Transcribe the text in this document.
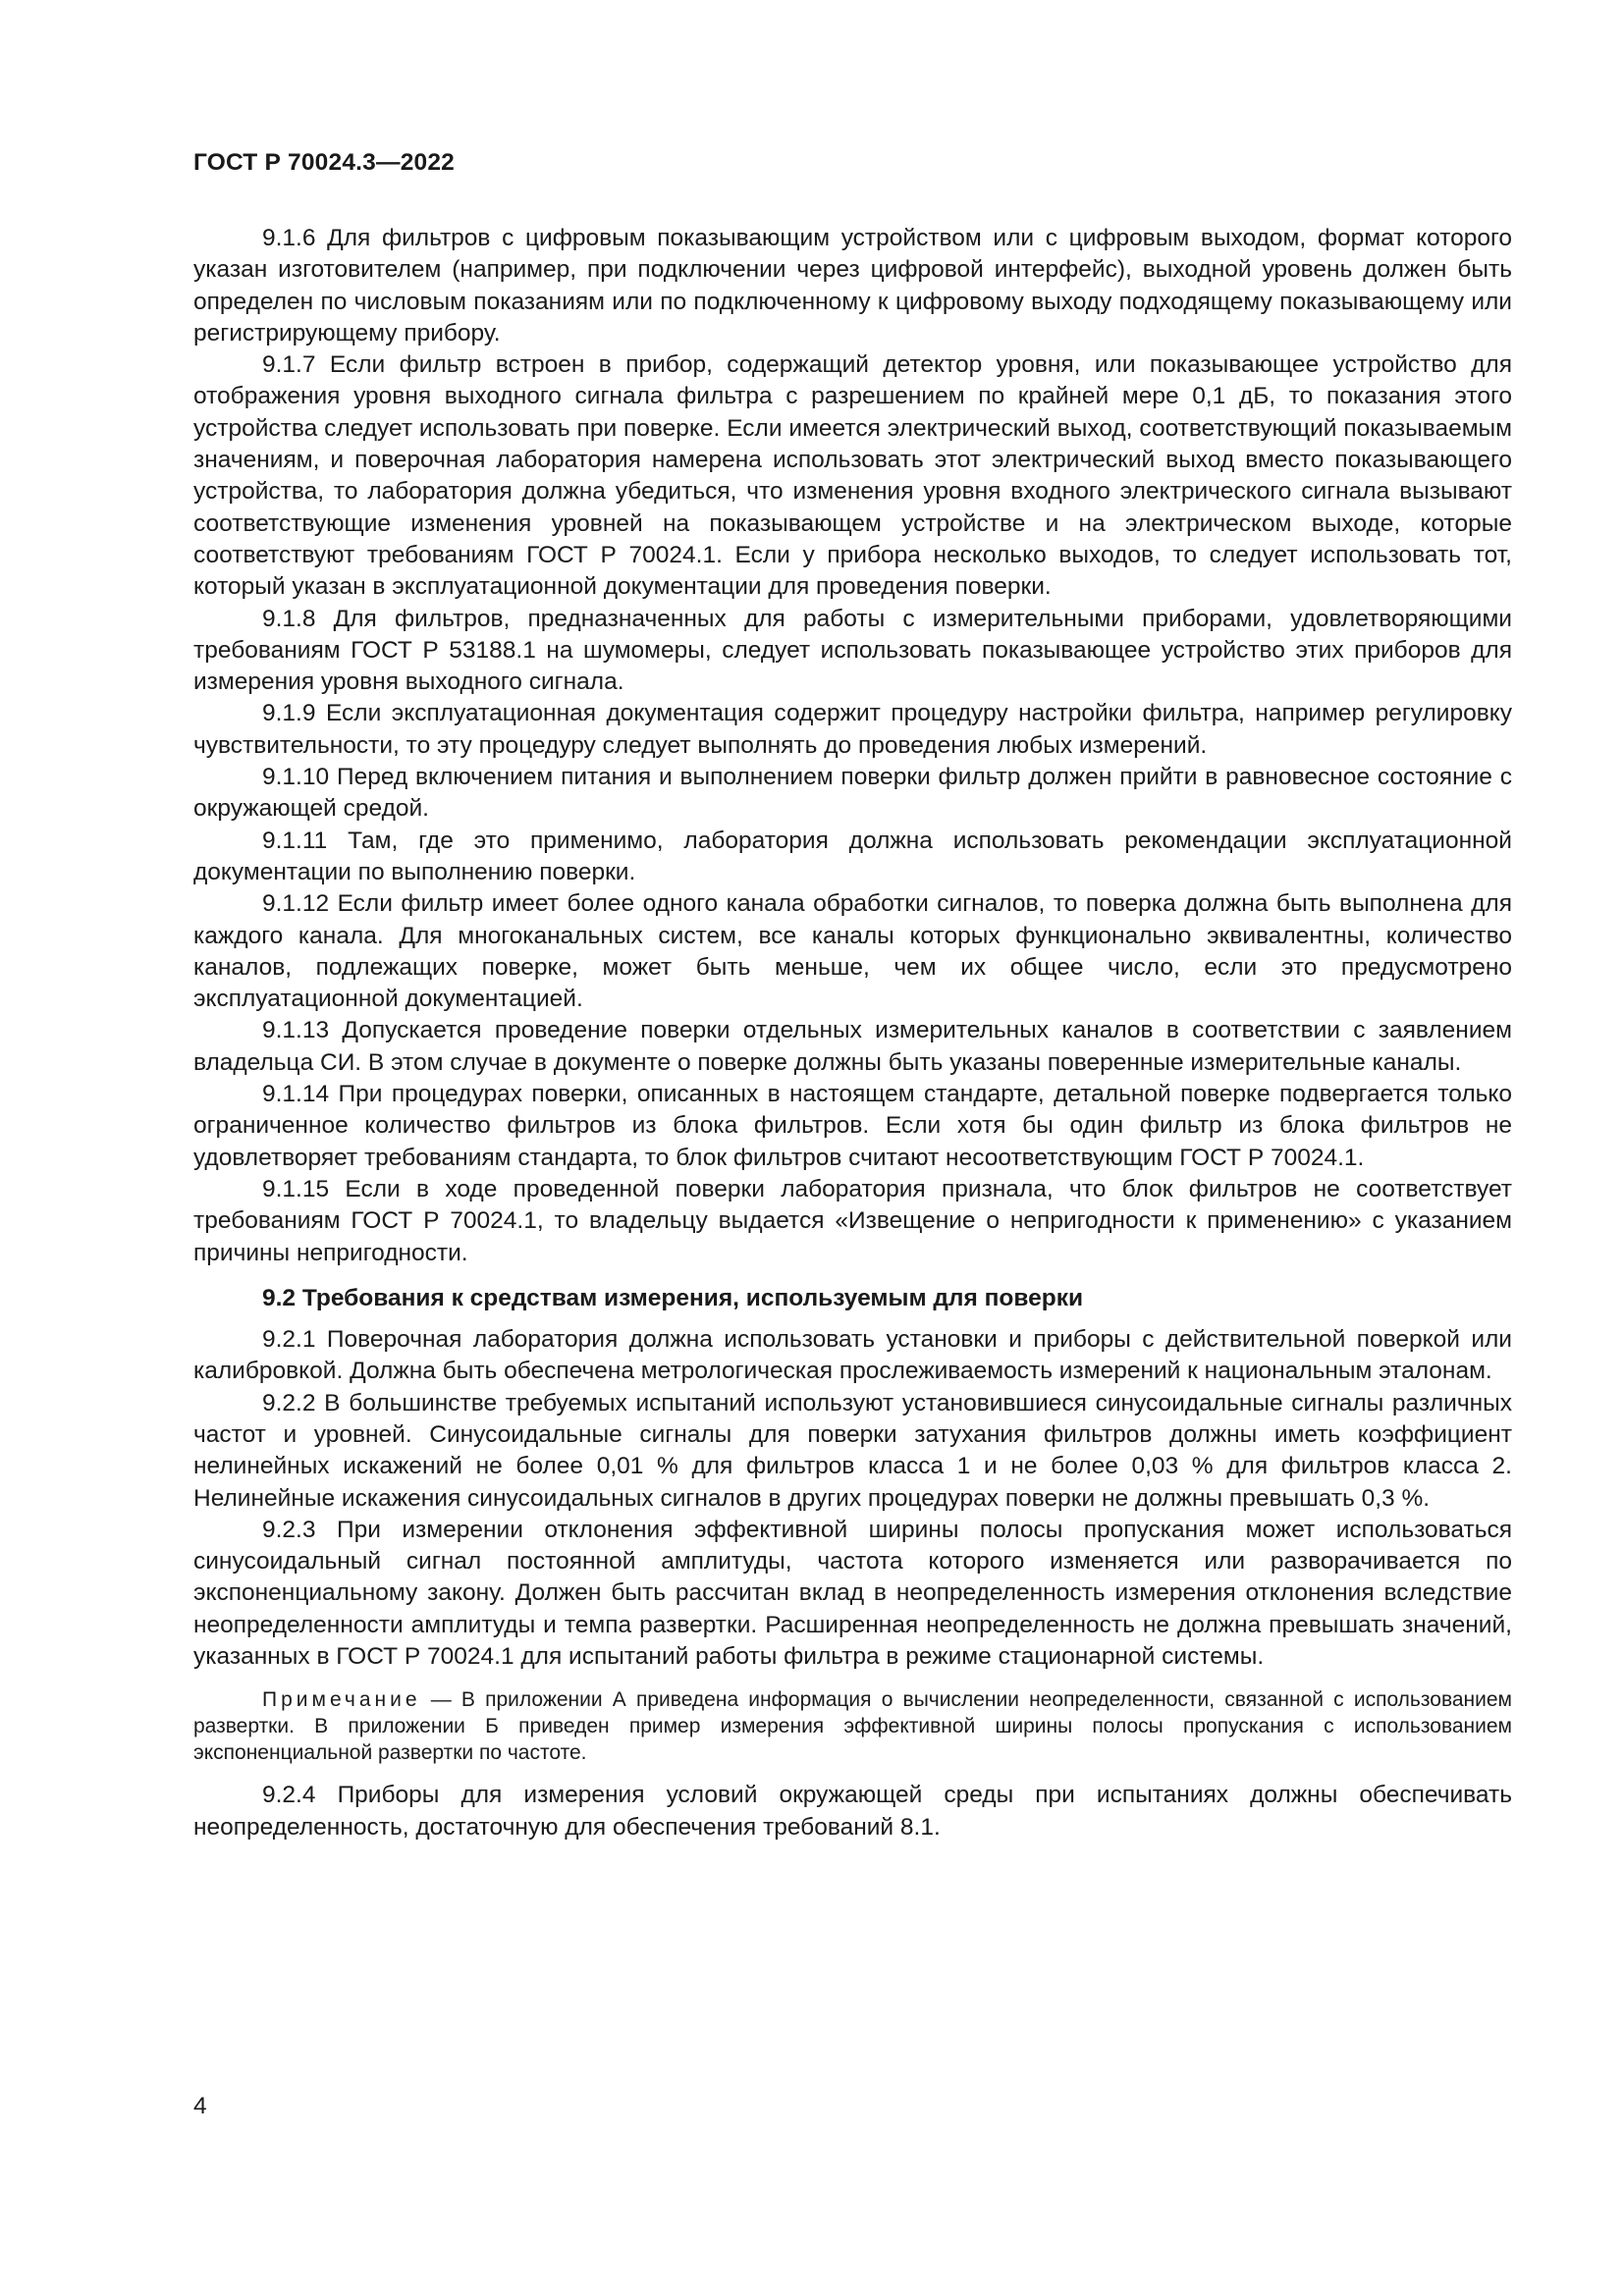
ГОСТ Р 70024.3—2022

9.1.6 Для фильтров с цифровым показывающим устройством или с цифровым выходом, формат которого указан изготовителем (например, при подключении через цифровой интерфейс), выходной уровень должен быть определен по числовым показаниям или по подключенному к цифровому выходу подходящему показывающему или регистрирующему прибору.

9.1.7 Если фильтр встроен в прибор, содержащий детектор уровня, или показывающее устройство для отображения уровня выходного сигнала фильтра с разрешением по крайней мере 0,1 дБ, то показания этого устройства следует использовать при поверке. Если имеется электрический выход, соответствующий показываемым значениям, и поверочная лаборатория намерена использовать этот электрический выход вместо показывающего устройства, то лаборатория должна убедиться, что изменения уровня входного электрического сигнала вызывают соответствующие изменения уровней на показывающем устройстве и на электрическом выходе, которые соответствуют требованиям ГОСТ Р 70024.1. Если у прибора несколько выходов, то следует использовать тот, который указан в эксплуатационной документации для проведения поверки.

9.1.8 Для фильтров, предназначенных для работы с измерительными приборами, удовлетворяющими требованиям ГОСТ Р 53188.1 на шумомеры, следует использовать показывающее устройство этих приборов для измерения уровня выходного сигнала.

9.1.9 Если эксплуатационная документация содержит процедуру настройки фильтра, например регулировку чувствительности, то эту процедуру следует выполнять до проведения любых измерений.

9.1.10 Перед включением питания и выполнением поверки фильтр должен прийти в равновесное состояние с окружающей средой.

9.1.11 Там, где это применимо, лаборатория должна использовать рекомендации эксплуатационной документации по выполнению поверки.

9.1.12 Если фильтр имеет более одного канала обработки сигналов, то поверка должна быть выполнена для каждого канала. Для многоканальных систем, все каналы которых функционально эквивалентны, количество каналов, подлежащих поверке, может быть меньше, чем их общее число, если это предусмотрено эксплуатационной документацией.

9.1.13 Допускается проведение поверки отдельных измерительных каналов в соответствии с заявлением владельца СИ. В этом случае в документе о поверке должны быть указаны поверенные измерительные каналы.

9.1.14 При процедурах поверки, описанных в настоящем стандарте, детальной поверке подвергается только ограниченное количество фильтров из блока фильтров. Если хотя бы один фильтр из блока фильтров не удовлетворяет требованиям стандарта, то блок фильтров считают несоответствующим ГОСТ Р 70024.1.

9.1.15 Если в ходе проведенной поверки лаборатория признала, что блок фильтров не соответствует требованиям ГОСТ Р 70024.1, то владельцу выдается «Извещение о непригодности к применению» с указанием причины непригодности.

9.2 Требования к средствам измерения, используемым для поверки

9.2.1 Поверочная лаборатория должна использовать установки и приборы с действительной поверкой или калибровкой. Должна быть обеспечена метрологическая прослеживаемость измерений к национальным эталонам.

9.2.2 В большинстве требуемых испытаний используют установившиеся синусоидальные сигналы различных частот и уровней. Синусоидальные сигналы для поверки затухания фильтров должны иметь коэффициент нелинейных искажений не более 0,01 % для фильтров класса 1 и не более 0,03 % для фильтров класса 2. Нелинейные искажения синусоидальных сигналов в других процедурах поверки не должны превышать 0,3 %.

9.2.3 При измерении отклонения эффективной ширины полосы пропускания может использоваться синусоидальный сигнал постоянной амплитуды, частота которого изменяется или разворачивается по экспоненциальному закону. Должен быть рассчитан вклад в неопределенность измерения отклонения вследствие неопределенности амплитуды и темпа развертки. Расширенная неопределенность не должна превышать значений, указанных в ГОСТ Р 70024.1 для испытаний работы фильтра в режиме стационарной системы.

Примечание — В приложении А приведена информация о вычислении неопределенности, связанной с использованием развертки. В приложении Б приведен пример измерения эффективной ширины полосы пропускания с использованием экспоненциальной развертки по частоте.

9.2.4 Приборы для измерения условий окружающей среды при испытаниях должны обеспечивать неопределенность, достаточную для обеспечения требований 8.1.

4
